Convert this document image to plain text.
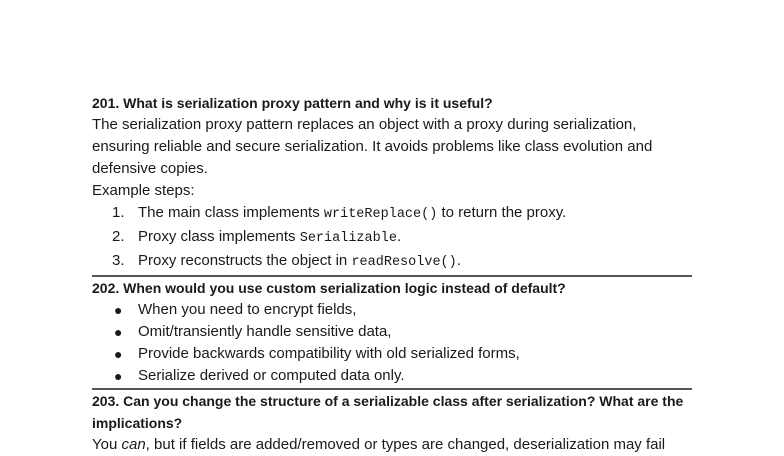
201. What is serialization proxy pattern and why is it useful?

The serialization proxy pattern replaces an object with a proxy during serialization, ensuring reliable and secure serialization. It avoids problems like class evolution and defensive copies.

Example steps:

1. The main class implements writeReplace() to return the proxy.
2. Proxy class implements Serializable.
3. Proxy reconstructs the object in readResolve().

202. When would you use custom serialization logic instead of default?

●	When you need to encrypt fields,
●	Omit/transiently handle sensitive data,
●	Provide backwards compatibility with old serialized forms,
●	Serialize derived or computed data only.

203. Can you change the structure of a serializable class after serialization? What are the implications?

You can, but if fields are added/removed or types are changed, deserialization may fail
